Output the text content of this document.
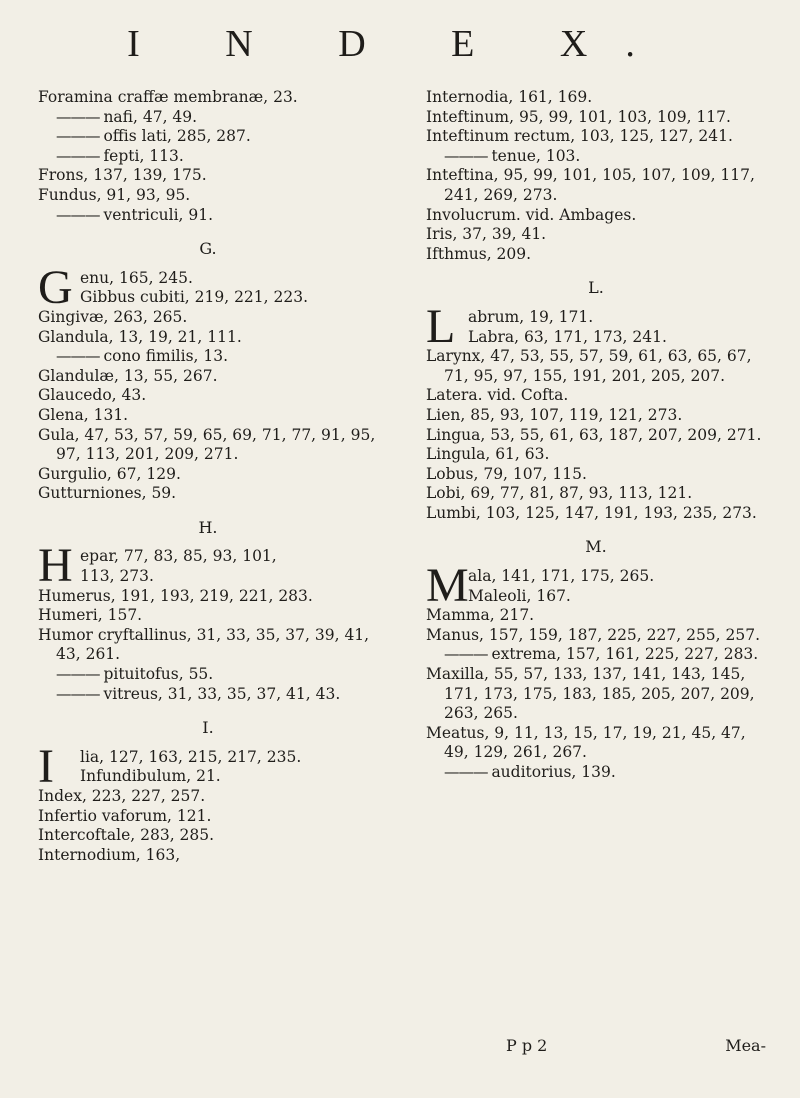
I N D E X.
Foramina craffæ membranæ, 23.
——— nafi, 47, 49.
——— offis lati, 285, 287.
——— fepti, 113.
Frons, 137, 139, 175.
Fundus, 91, 93, 95.
——— ventriculi, 91.
G.
G enu, 165, 245.
Gibbus cubiti, 219, 221, 223.
Gingivæ, 263, 265.
Glandula, 13, 19, 21, 111.
——— cono fimilis, 13.
Glandulæ, 13, 55, 267.
Glaucedo, 43.
Glena, 131.
Gula, 47, 53, 57, 59, 65, 69, 71, 77, 91, 95, 97, 113, 201, 209, 271.
Gurgulio, 67, 129.
Gutturniones, 59.
H.
H epar, 77, 83, 85, 93, 101,
113, 273.
Humerus, 191, 193, 219, 221, 283.
Humeri, 157.
Humor cryftallinus, 31, 33, 35, 37, 39, 41, 43, 261.
——— pituitofus, 55.
——— vitreus, 31, 33, 35, 37, 41, 43.
I.
I lia, 127, 163, 215, 217, 235.
Infundibulum, 21.
Index, 223, 227, 257.
Infertio vaforum, 121.
Intercoftale, 283, 285.
Internodium, 163,
Internodia, 161, 169.
Inteftinum, 95, 99, 101, 103, 109, 117.
Inteftinum rectum, 103, 125, 127, 241.
——— tenue, 103.
Inteftina, 95, 99, 101, 105, 107, 109, 117, 241, 269, 273.
Involucrum. vid. Ambages.
Iris, 37, 39, 41.
Ifthmus, 209.
L.
L abrum, 19, 171.
Labra, 63, 171, 173, 241.
Larynx, 47, 53, 55, 57, 59, 61, 63, 65, 67, 71, 95, 97, 155, 191, 201, 205, 207.
Latera. vid. Cofta.
Lien, 85, 93, 107, 119, 121, 273.
Lingua, 53, 55, 61, 63, 187, 207, 209, 271.
Lingula, 61, 63.
Lobus, 79, 107, 115.
Lobi, 69, 77, 81, 87, 93, 113, 121.
Lumbi, 103, 125, 147, 191, 193, 235, 273.
M.
M ala, 141, 171, 175, 265.
Maleoli, 167.
Mamma, 217.
Manus, 157, 159, 187, 225, 227, 255, 257.
——— extrema, 157, 161, 225, 227, 283.
Maxilla, 55, 57, 133, 137, 141, 143, 145, 171, 173, 175, 183, 185, 205, 207, 209, 263, 265.
Meatus, 9, 11, 13, 15, 17, 19, 21, 45, 47, 49, 129, 261, 267.
——— auditorius, 139.
P p 2	Mea-
